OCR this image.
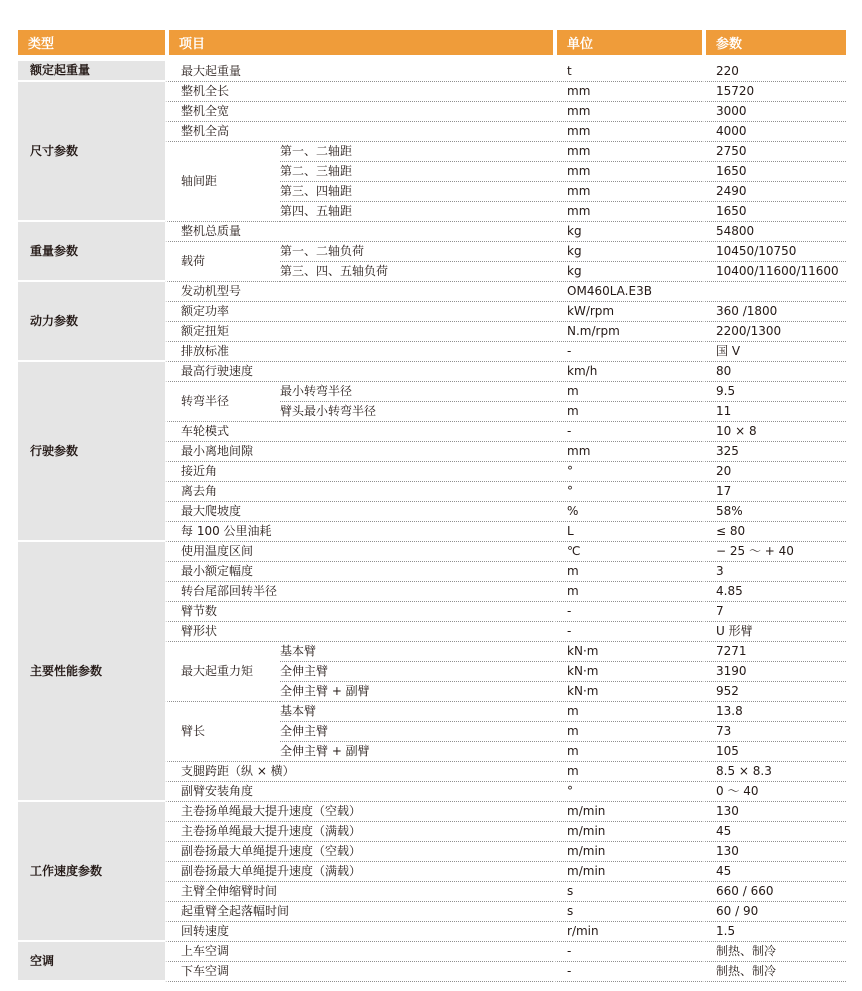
类型	项目		单位	参数

额定起重量	最大起重量		t	220
尺寸参数	整机全长		mm	15720
	整机全宽		mm	3000
	整机全高		mm	4000
	轴间距	第一、二轴距	mm	2750
		第二、三轴距	mm	1650
		第三、四轴距	mm	2490
		第四、五轴距	mm	1650
重量参数	整机总质量		kg	54800
	载荷	第一、二轴负荷	kg	10450/10750
		第三、四、五轴负荷	kg	10400/11600/11600
动力参数	发动机型号		OM460LA.E3B	
	额定功率		kW/rpm	360 /1800
	额定扭矩		N.m/rpm	2200/1300
	排放标准		-	国 V
行驶参数	最高行驶速度		km/h	80
	转弯半径	最小转弯半径	m	9.5
		臂头最小转弯半径	m	11
	车轮模式		-	10 × 8
	最小离地间隙		mm	325
	接近角		°	20
	离去角		°	17
	最大爬坡度		%	58%
	每 100 公里油耗		L	≤ 80
主要性能参数	使用温度区间		℃	− 25 ～ + 40
	最小额定幅度		m	3
	转台尾部回转半径		m	4.85
	臂节数		-	7
	臂形状		-	U 形臂
	最大起重力矩	基本臂	kN·m	7271
		全伸主臂	kN·m	3190
		全伸主臂 + 副臂	kN·m	952
	臂长	基本臂	m	13.8
		全伸主臂	m	73
		全伸主臂 + 副臂	m	105
	支腿跨距（纵 × 横）		m	8.5 × 8.3
	副臂安装角度		°	0 ～ 40
工作速度参数	主卷扬单绳最大提升速度（空载）		m/min	130
	主卷扬单绳最大提升速度（满载）		m/min	45
	副卷扬最大单绳提升速度（空载）		m/min	130
	副卷扬最大单绳提升速度（满载）		m/min	45
	主臂全伸缩臂时间		s	660 / 660
	起重臂全起落幅时间		s	60 / 90
	回转速度		r/min	1.5
空调	上车空调		-	制热、制冷
	下车空调		-	制热、制冷
